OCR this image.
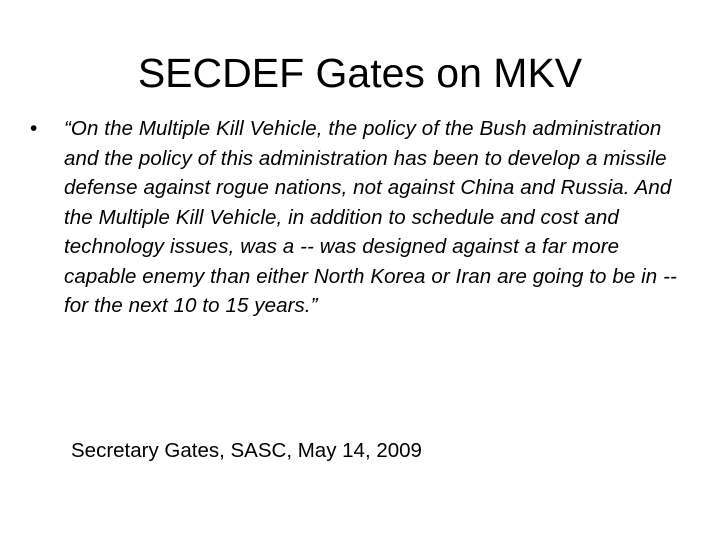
SECDEF Gates on MKV
•	“On the Multiple Kill Vehicle, the policy of the Bush administration and the policy of this administration has been to develop a missile defense against rogue nations, not against China and Russia. And the Multiple Kill Vehicle, in addition to schedule and cost and technology issues, was a -- was designed against a far more capable enemy than either North Korea or Iran are going to be in -- for the next 10 to 15 years.”

Secretary Gates, SASC, May 14, 2009
